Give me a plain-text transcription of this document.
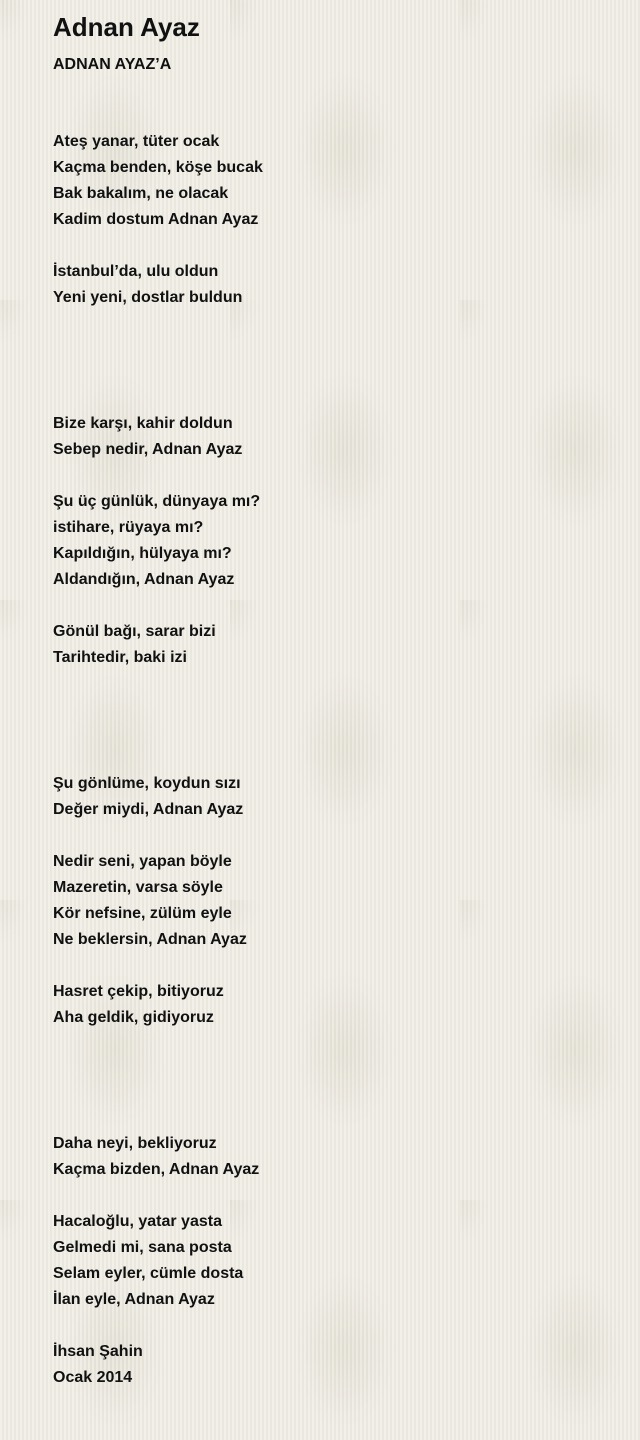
Adnan Ayaz
ADNAN AYAZ’A
Ateş yanar, tüter ocak
Kaçma benden, köşe bucak
Bak bakalım, ne olacak
Kadim dostum Adnan Ayaz
İstanbul’da, ulu oldun
Yeni yeni, dostlar buldun
Bize karşı, kahir doldun
Sebep nedir, Adnan Ayaz
Şu üç günlük, dünyaya mı?
istihare, rüyaya mı?
Kapıldığın, hülyaya mı?
Aldandığın, Adnan Ayaz
Gönül bağı, sarar bizi
Tarihtedir, baki izi
Şu gönlüme, koydun sızı
Değer miydi, Adnan Ayaz
Nedir seni, yapan böyle
Mazeretin, varsa söyle
Kör nefsine, zülüm eyle
Ne beklersin, Adnan Ayaz
Hasret çekip, bitiyoruz
Aha geldik, gidiyoruz
Daha neyi, bekliyoruz
Kaçma bizden, Adnan Ayaz
Hacaloğlu, yatar yasta
Gelmedi mi, sana posta
Selam eyler, cümle dosta
İlan eyle, Adnan Ayaz
İhsan Şahin
Ocak 2014
